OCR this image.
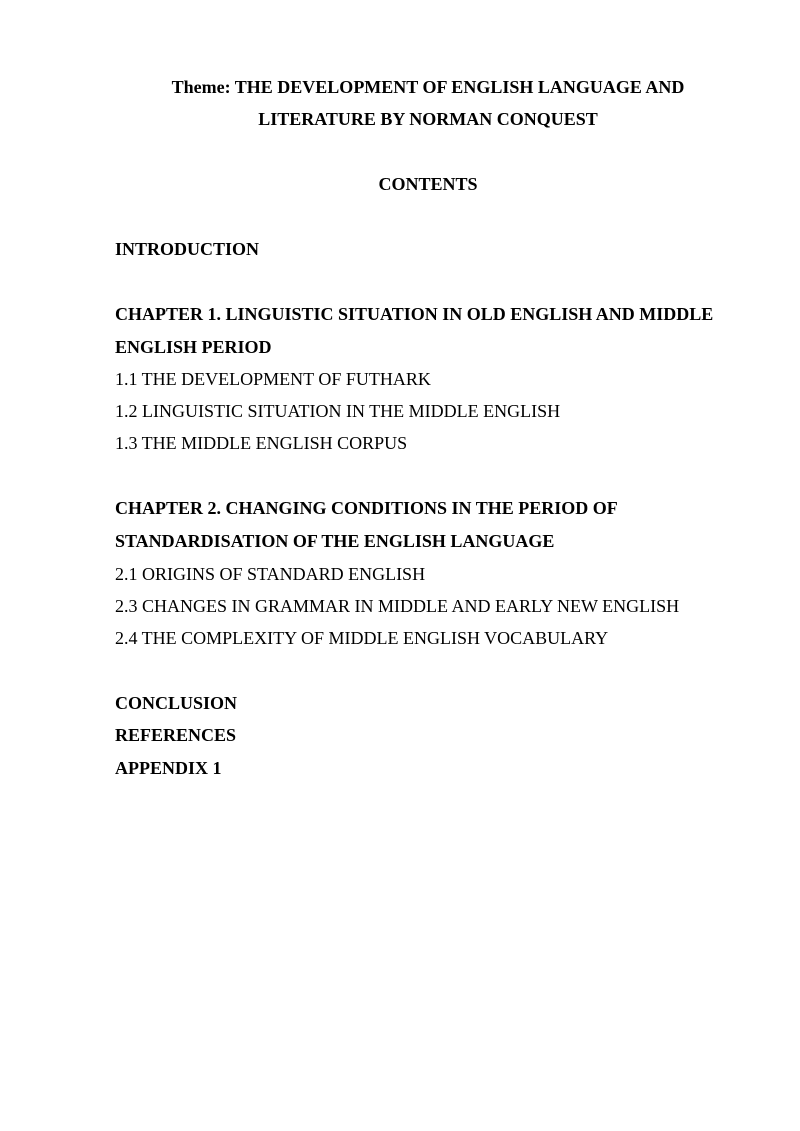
Theme: THE DEVELOPMENT OF ENGLISH LANGUAGE AND

LITERATURE BY NORMAN CONQUEST

CONTENTS

INTRODUCTION

CHAPTER 1. LINGUISTIC SITUATION IN OLD ENGLISH AND MIDDLE

ENGLISH PERIOD

1.1 THE DEVELOPMENT OF FUTHARK

1.2 LINGUISTIC SITUATION IN THE MIDDLE ENGLISH

1.3 THE MIDDLE ENGLISH CORPUS

CHAPTER 2. CHANGING CONDITIONS IN THE PERIOD OF

STANDARDISATION OF THE ENGLISH LANGUAGE

2.1 ORIGINS OF STANDARD ENGLISH

2.3 CHANGES IN GRAMMAR IN MIDDLE AND EARLY NEW ENGLISH

2.4 THE COMPLEXITY OF MIDDLE ENGLISH VOCABULARY

CONCLUSION

REFERENCES

APPENDIX 1
